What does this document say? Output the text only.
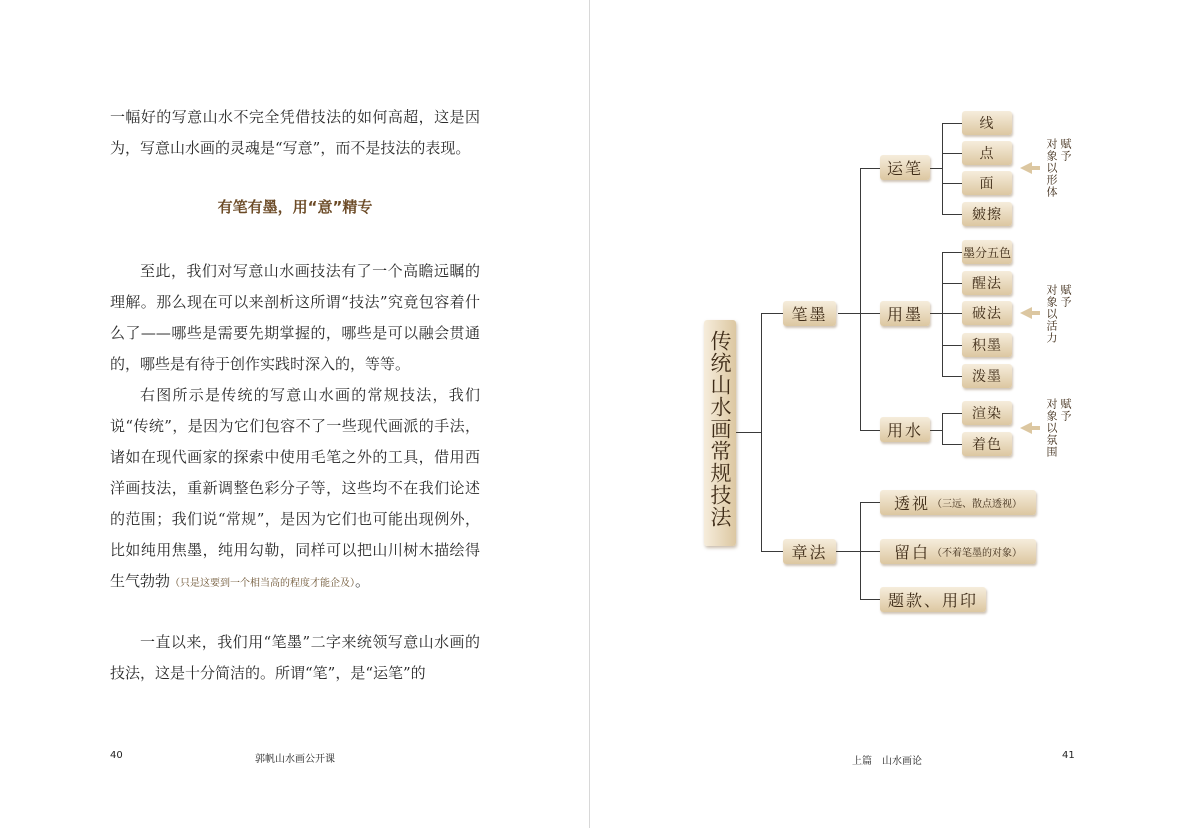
一幅好的写意山水不完全凭借技法的如何高超，这是因为，写意山水画的灵魂是“写意”，而不是技法的表现。

有笔有墨，用“意”精专

至此，我们对写意山水画技法有了一个高瞻远瞩的理解。那么现在可以来剖析这所谓“技法”究竟包容着什么了——哪些是需要先期掌握的，哪些是可以融会贯通的，哪些是有待于创作实践时深入的，等等。

右图所示是传统的写意山水画的常规技法，我们说“传统”，是因为它们包容不了一些现代画派的手法，诸如在现代画家的探索中使用毛笔之外的工具，借用西洋画技法，重新调整色彩分子等，这些均不在我们论述的范围；我们说“常规”，是因为它们也可能出现例外，比如纯用焦墨，纯用勾勒，同样可以把山川树木描绘得生气勃勃（只是这要到一个相当高的程度才能企及）。

一直以来，我们用“笔墨”二字来统领写意山水画的技法，这是十分简洁的。所谓“笔”，是“运笔”的

40	郭帆山水画公开课
传统山水画常规技法
笔墨
章法
运笔
用墨
用水
线
点
面
皴擦
墨分五色
醒法
破法
积墨
泼墨
渲染
着色
透视 （三远、散点透视）
留白 （不着笔墨的对象）
题款、用印
赋予
对象以形体
赋予
对象以活力
赋予
对象以氛围
上篇　山水画论
41
